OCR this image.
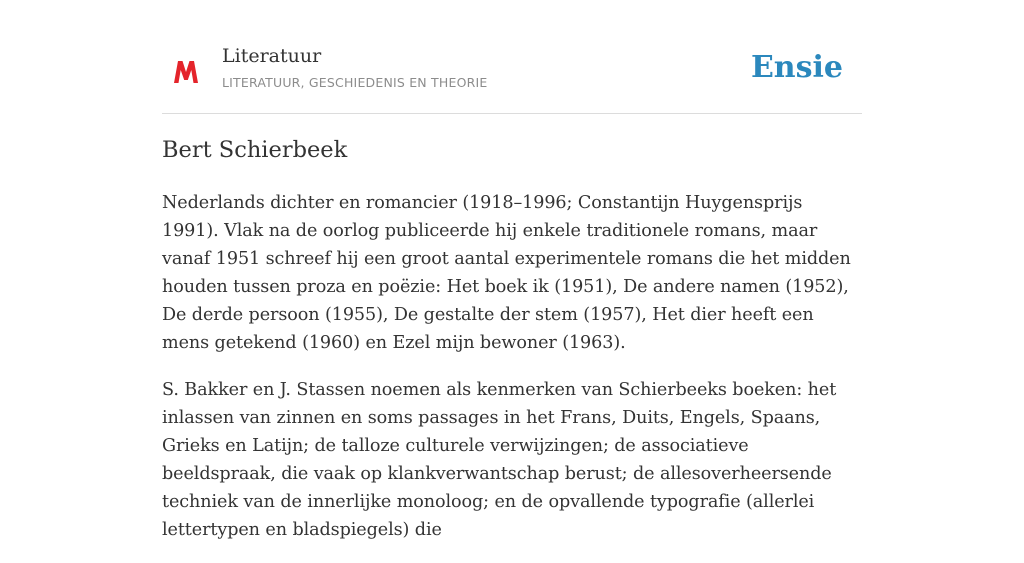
Literatuur
LITERATUUR, GESCHIEDENIS EN THEORIE	Ensie
Bert Schierbeek

Nederlands dichter en romancier (1918–1996; Constantijn Huygensprijs 1991). Vlak na de oorlog publiceerde hij enkele traditionele romans, maar vanaf 1951 schreef hij een groot aantal experimentele romans die het midden houden tussen proza en poëzie: Het boek ik (1951), De andere namen (1952), De derde persoon (1955), De gestalte der stem (1957), Het dier heeft een mens getekend (1960) en Ezel mijn bewoner (1963).

S. Bakker en J. Stassen noemen als kenmerken van Schierbeeks boeken: het inlassen van zinnen en soms passages in het Frans, Duits, Engels, Spaans, Grieks en Latijn; de talloze culturele verwijzingen; de associatieve beeldspraak, die vaak op klankverwantschap berust; de allesoverheersende techniek van de innerlijke monoloog; en de opvallende typografie (allerlei lettertypen en bladspiegels) die
